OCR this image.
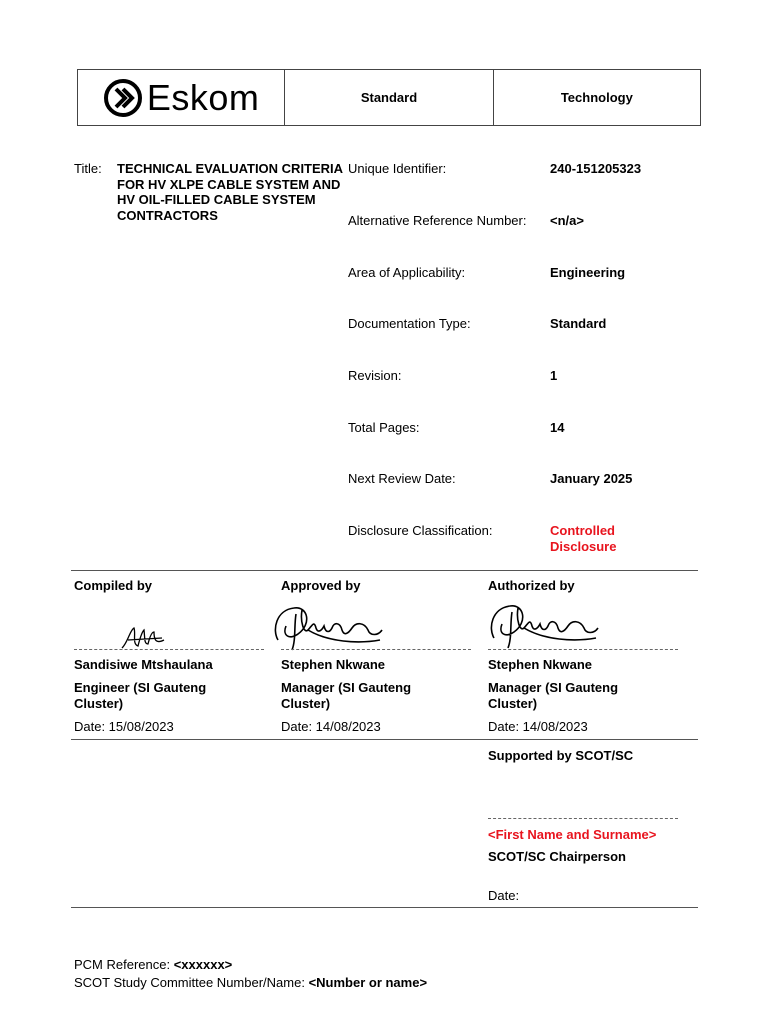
Eskom	Standard	Technology
Title: TECHNICAL EVALUATION CRITERIA FOR HV XLPE CABLE SYSTEM AND HV OIL-FILLED CABLE SYSTEM CONTRACTORS
Unique Identifier:	240-151205323
Alternative Reference Number: <n/a>
Area of Applicability:	Engineering
Documentation Type:	Standard
Revision:	1
Total Pages:	14
Next Review Date:	January 2025
Disclosure Classification:	Controlled Disclosure
Compiled by
Sandisiwe Mtshaulana
Engineer (SI Gauteng Cluster)
Date: 15/08/2023
Approved by
Stephen Nkwane
Manager (SI Gauteng Cluster)
Date: 14/08/2023
Authorized by
Stephen Nkwane
Manager (SI Gauteng Cluster)
Date: 14/08/2023
Supported by SCOT/SC
<First Name and Surname>
SCOT/SC Chairperson
Date:
PCM Reference: <xxxxxx>
SCOT Study Committee Number/Name: <Number or name>
